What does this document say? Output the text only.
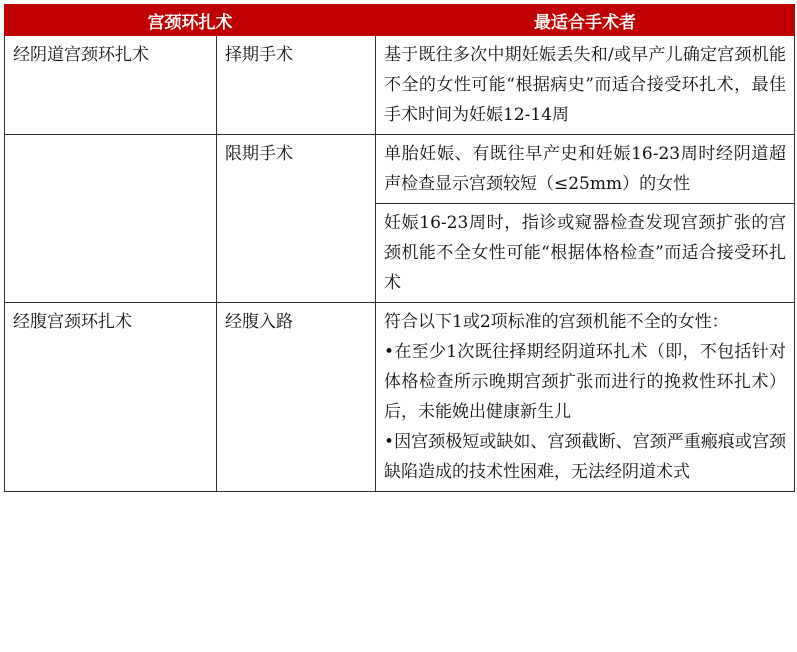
宫颈环扎术		最适合手术者
经阴道宫颈环扎术	择期手术	基于既往多次中期妊娠丢失和/或早产儿确定宫颈机能不全的女性可能“根据病史”而适合接受环扎术，最佳手术时间为妊娠12-14周
	限期手术	单胎妊娠、有既往早产史和妊娠16-23周时经阴道超声检查显示宫颈较短（≤25mm）的女性
		妊娠16-23周时，指诊或窥器检查发现宫颈扩张的宫颈机能不全女性可能“根据体格检查”而适合接受环扎术
经腹宫颈环扎术	经腹入路	符合以下1或2项标准的宫颈机能不全的女性：
•在至少1次既往择期经阴道环扎术（即，不包括针对体格检查所示晚期宫颈扩张而进行的挽救性环扎术）后，未能娩出健康新生儿
•因宫颈极短或缺如、宫颈截断、宫颈严重瘢痕或宫颈缺陷造成的技术性困难，无法经阴道术式
